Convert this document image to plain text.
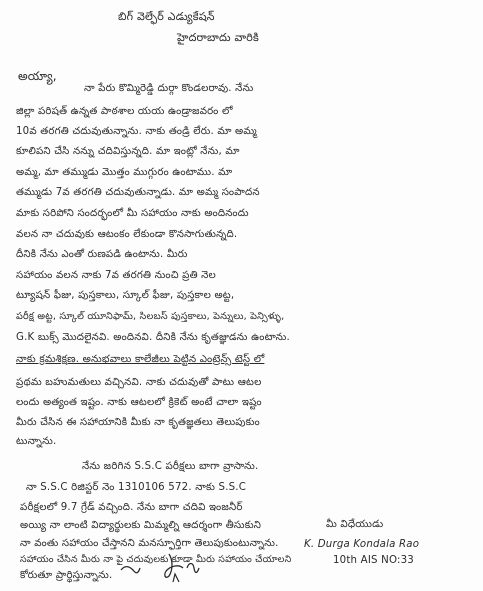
బిగ్ వెల్ఫేర్ ఎడ్యుకేషన్
హైదరాబాదు వారికి
అయ్యా,
నా పేరు కొమ్మిరెడ్డి దుర్గా కొండలరావు. నేను
జిల్లా పరిషత్ ఉన్నత పాఠశాల యయ ఉండ్రాజవరం లో
10వ తరగతి చదువుతున్నాను. నాకు తండ్రి లేరు. మా అమ్మ
కూలిపని చేసి నన్ను చదివిస్తున్నది. మా ఇంట్లో నేను, మా
అమ్మ, మా తమ్ముడు మొత్తం ముగ్గురం ఉంటాము. మా
తమ్ముడు 7వ తరగతి చదువుతున్నాడు. మా అమ్మ సంపాదన
మాకు సరిపోని సందర్భంలో మీ సహాయం నాకు అందినందు
వలన నా చదువుకు ఆటంకం లేకుండా కొనసాగుతున్నది.
దీనికి నేను ఎంతో రుణపడి ఉంటాను. మీరు
సహాయం వలన నాకు 7వ తరగతి నుంచి ప్రతి నెల
ట్యూషన్ ఫీజు, పుస్తకాలు, స్కూల్ ఫీజు, పుస్తకాల అట్ట,
పరీక్ష అట్ట, స్కూల్ యూనిఫామ్, సిలబస్ పుస్తకాలు, పెన్నులు, పెన్సిళ్ళు,
G.K బుక్స్ మొదలైనవి. అందినవి. దీనికి నేను కృతజ్ఞుడను ఉంటాను.
నాకు క్రమశిక్షణ. అనుభవాలు కాలేజీలు పెట్టిన ఎంట్రెన్స్ టెస్ట్ లో
ప్రథమ బహుమతులు వచ్చినవి. నాకు చదువుతో పాటు ఆటల
లందు అత్యంత ఇష్టం. నాకు ఆటలలో క్రికెట్ అంటే చాలా ఇష్టం
మీరు చేసిన ఈ సహాయానికి మీకు నా కృతజ్ఞతలు తెలుపుకుం
టున్నాను.
నేను జరిగిన S.S.C పరీక్షలు బాగా వ్రాసాను.
నా S.S.C రిజిస్టర్ నెం 1310106 572. నాకు S.S.C
పరీక్షలలో 9.7 గ్రేడ్ వచ్చింది. నేను బాగా చదివి ఇంజనీర్
అయ్యి నా లాంటి విద్యార్థులకు మిమ్మల్ని ఆదర్శంగా తీసుకుని
నా వంతు సహాయం చేస్తానని మనస్ఫూర్తిగా తెలుపుకుంటున్నాను.
సహాయం చేసిన మీరు నా పై చదువులకు కూడా మీరు సహాయం చేయాలని
కోరుతూ ప్రార్థిస్తున్నాను.
మీ విధేయుడు
K. Durga Kondala Rao
10th AIS NO:33
